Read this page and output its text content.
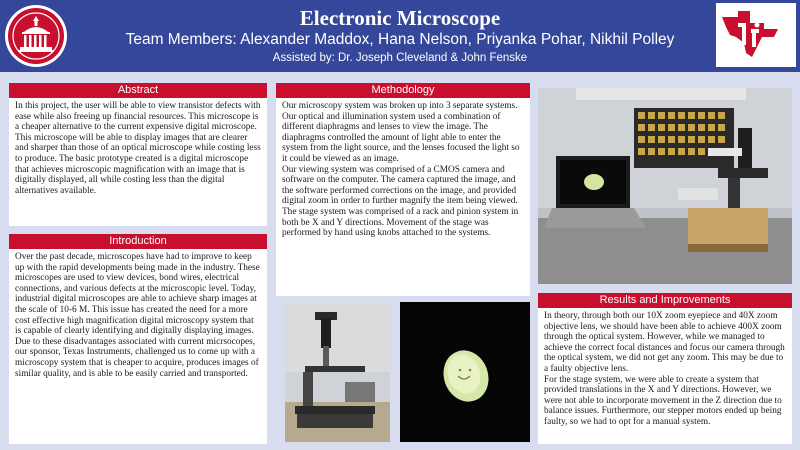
Electronic Microscope
Team Members: Alexander Maddox, Hana Nelson, Priyanka Pohar, Nikhil Polley
Assisted by: Dr. Joseph Cleveland & John Fenske
Abstract

In this project, the user will be able to view transistor defects with ease while also freeing up financial resources. This microscope is a cheaper alternative to the current expensive digital microscope.

This microscope will be able to display images that are clearer and sharper than those of an optical microscope while costing less to produce. The basic prototype created is a digital microscope that achieves microscopic magnification with an image that is digitally displayed, all while costing less than the digital alternatives available.

Introduction

Over the past decade, microscopes have had to improve to keep up with the rapid developments being made in the industry. These microscopes are used to view devices, bond wires, electrical connections, and various defects at the microscopic level. Today, industrial digital microscopes are able to achieve sharp images at the scale of 10-6 M. This issue has created the need for a more cost effective high magnification digital microscopy system that is capable of clearly identifying and digitally displaying images. Due to these disadvantages associated with current micrsocopes, our sponsor, Texas Instruments, challenged us to come up with a microscopy system that is cheaper to acquire, produces images of similar quality, and is able to be easily carried and transported.

Methodology

Our microscopy system was broken up into 3 separate systems.

Our optical and illumination system used a combination of different diaphragms and lenses to view the image. The diaphragms controlled the amount of light able to enter the system from the light source, and the lenses focused the light so it could be viewed as an image.

Our viewing system was comprised of a CMOS camera and software on the computer. The camera captured the image, and the software performed corrections on the image, and provided digital zoom in order to further magnify the item being viewed.

The stage system was comprised of a rack and pinion system in both be X and Y directions. Movement of the stage was performed by hand using knobs attached to the systems.

Results and Improvements

In theory, through both our 10X zoom eyepiece and 40X zoom objective lens, we should have been able to achieve 400X zoom through the optical system. However, while we managed to achieve the correct focal distances and focus our camera through the optical system, we did not get any zoom. This may be due to a faulty objective lens.

For the stage system, we were able to create a system that provided translations in the X and Y directions. However, we were not able to incorporate movement in the Z direction due to balance issues. Furthermore, our stepper motors ended up being faulty, so we had to opt for a manual system.
